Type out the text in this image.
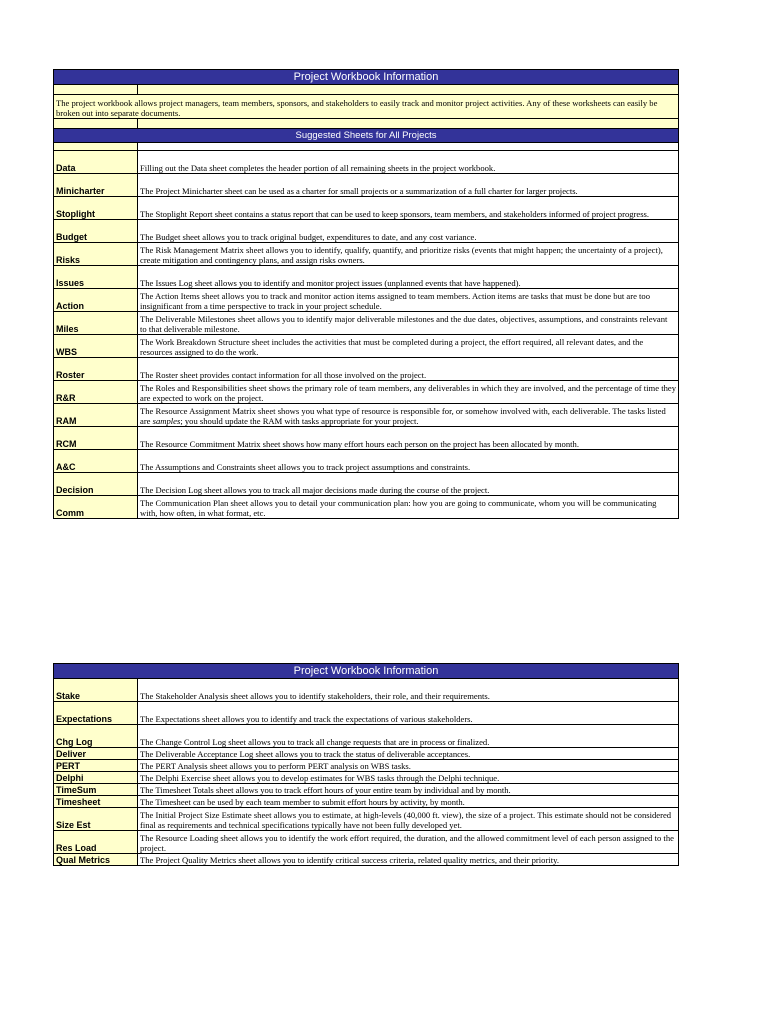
Project Workbook Information	

The project workbook allows project managers, team members, sponsors, and stakeholders to easily track and monitor project activities. Any of these worksheets can easily be broken out into separate documents.	

Suggested Sheets for All Projects	

Data	Filling out the Data sheet completes the header portion of all remaining sheets in the project workbook.
Minicharter	The Project Minicharter sheet can be used as a charter for small projects or a summarization of a full charter for larger projects.
Stoplight	The Stoplight Report sheet contains a status report that can be used to keep sponsors, team members, and stakeholders informed of project progress.
Budget	The Budget sheet allows you to track original budget, expenditures to date, and any cost variance.
Risks	The Risk Management Matrix sheet allows you to identify, qualify, quantify, and prioritize risks (events that might happen; the uncertainty of a project), create mitigation and contingency plans, and assign risks owners.
Issues	The Issues Log sheet allows you to identify and monitor project issues (unplanned events that have happened).
Action	The Action Items sheet allows you to track and monitor action items assigned to team members. Action items are tasks that must be done but are too insignificant from a time perspective to track in your project schedule.
Miles	The Deliverable Milestones sheet allows you to identify major deliverable milestones and the due dates, objectives, assumptions, and constraints relevant to that deliverable milestone.
WBS	The Work Breakdown Structure sheet includes the activities that must be completed during a project, the effort required, all relevant dates, and the resources assigned to do the work.
Roster	The Roster sheet provides contact information for all those involved on the project.
R&R	The Roles and Responsibilities sheet shows the primary role of team members, any deliverables in which they are involved, and the percentage of time they are expected to work on the project.
RAM	The Resource Assignment Matrix sheet shows you what type of resource is responsible for, or somehow involved with, each deliverable. The tasks listed are samples; you should update the RAM with tasks appropriate for your project.
RCM	The Resource Commitment Matrix sheet shows how many effort hours each person on the project has been allocated by month.
A&C	The Assumptions and Constraints sheet allows you to track project assumptions and constraints.
Decision	The Decision Log sheet allows you to track all major decisions made during the course of the project.
Comm	The Communication Plan sheet allows you to detail your communication plan: how you are going to communicate, whom you will be communicating with, how often, in what format, etc.
Project Workbook Information	
Stake	The Stakeholder Analysis sheet allows you to identify stakeholders, their role, and their requirements.
Expectations	The Expectations sheet allows you to identify and track the expectations of various stakeholders.
Chg Log	The Change Control Log sheet allows you to track all change requests that are in process or finalized.
Deliver	The Deliverable Acceptance Log sheet allows you to track the status of deliverable acceptances.
PERT	The PERT Analysis sheet allows you to perform PERT analysis on WBS tasks.
Delphi	The Delphi Exercise sheet allows you to develop estimates for WBS tasks through the Delphi technique.
TimeSum	The Timesheet Totals sheet allows you to track effort hours of your entire team by individual and by month.
Timesheet	The Timesheet can be used by each team member to submit effort hours by activity, by month.
Size Est	The Initial Project Size Estimate sheet allows you to estimate, at high-levels (40,000 ft. view), the size of a project. This estimate should not be considered final as requirements and technical specifications typically have not been fully developed yet.
Res Load	The Resource Loading sheet allows you to identify the work effort required, the duration, and the allowed commitment level of each person assigned to the project.
Qual Metrics	The Project Quality Metrics sheet allows you to identify critical success criteria, related quality metrics, and their priority.
